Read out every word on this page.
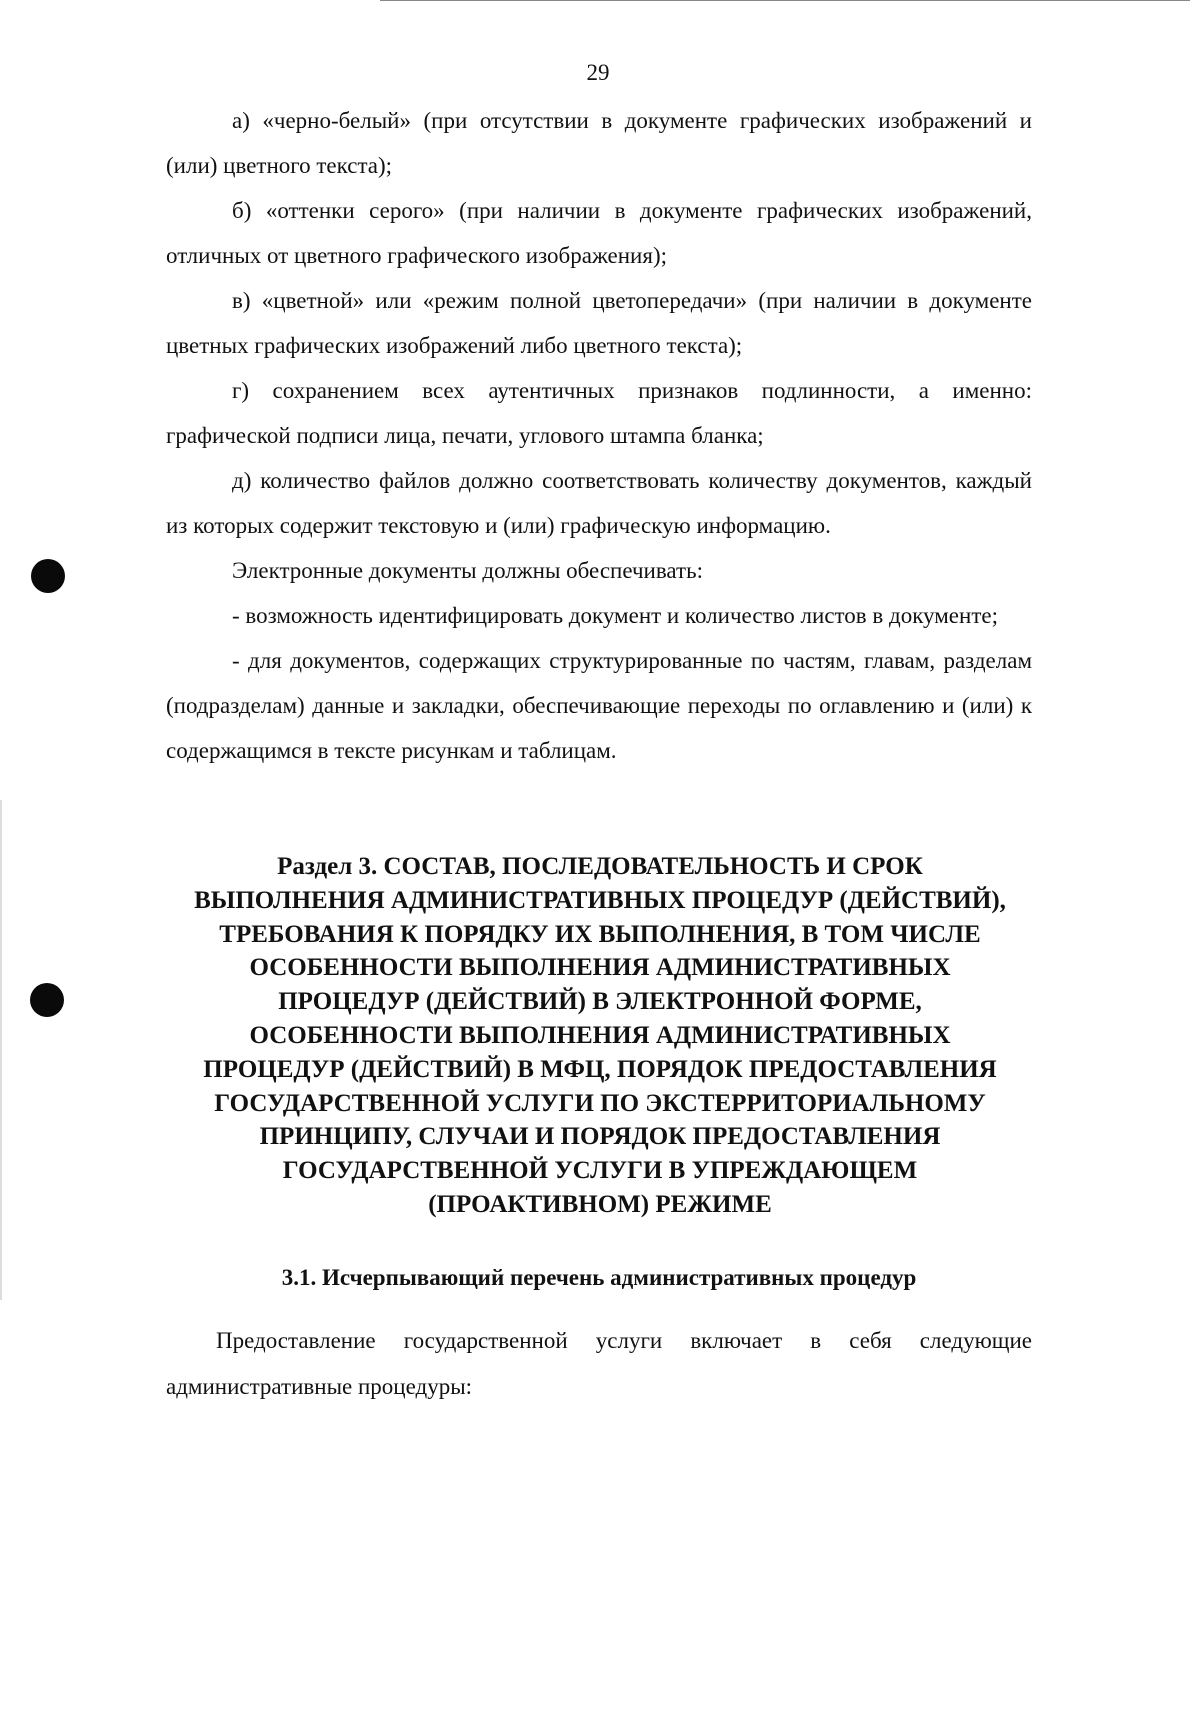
29

а) «черно-белый» (при отсутствии в документе графических изображений и (или) цветного текста);

б) «оттенки серого» (при наличии в документе графических изображений, отличных от цветного графического изображения);

в) «цветной» или «режим полной цветопередачи» (при наличии в документе цветных графических изображений либо цветного текста);

г) сохранением всех аутентичных признаков подлинности, а именно: графической подписи лица, печати, углового штампа бланка;

д) количество файлов должно соответствовать количеству документов, каждый из которых содержит текстовую и (или) графическую информацию.

Электронные документы должны обеспечивать:

- возможность идентифицировать документ и количество листов в документе;

- для документов, содержащих структурированные по частям, главам, разделам (подразделам) данные и закладки, обеспечивающие переходы по оглавлению и (или) к содержащимся в тексте рисункам и таблицам.

Раздел 3. СОСТАВ, ПОСЛЕДОВАТЕЛЬНОСТЬ И СРОК
ВЫПОЛНЕНИЯ АДМИНИСТРАТИВНЫХ ПРОЦЕДУР (ДЕЙСТВИЙ),
ТРЕБОВАНИЯ К ПОРЯДКУ ИХ ВЫПОЛНЕНИЯ, В ТОМ ЧИСЛЕ
ОСОБЕННОСТИ ВЫПОЛНЕНИЯ АДМИНИСТРАТИВНЫХ
ПРОЦЕДУР (ДЕЙСТВИЙ) В ЭЛЕКТРОННОЙ ФОРМЕ,
ОСОБЕННОСТИ ВЫПОЛНЕНИЯ АДМИНИСТРАТИВНЫХ
ПРОЦЕДУР (ДЕЙСТВИЙ) В МФЦ, ПОРЯДОК ПРЕДОСТАВЛЕНИЯ
ГОСУДАРСТВЕННОЙ УСЛУГИ ПО ЭКСТЕРРИТОРИАЛЬНОМУ
ПРИНЦИПУ, СЛУЧАИ И ПОРЯДОК ПРЕДОСТАВЛЕНИЯ
ГОСУДАРСТВЕННОЙ УСЛУГИ В УПРЕЖДАЮЩЕМ
(ПРОАКТИВНОМ) РЕЖИМЕ
3.1. Исчерпывающий перечень административных процедур

Предоставление государственной услуги включает в себя следующие административные процедуры:
